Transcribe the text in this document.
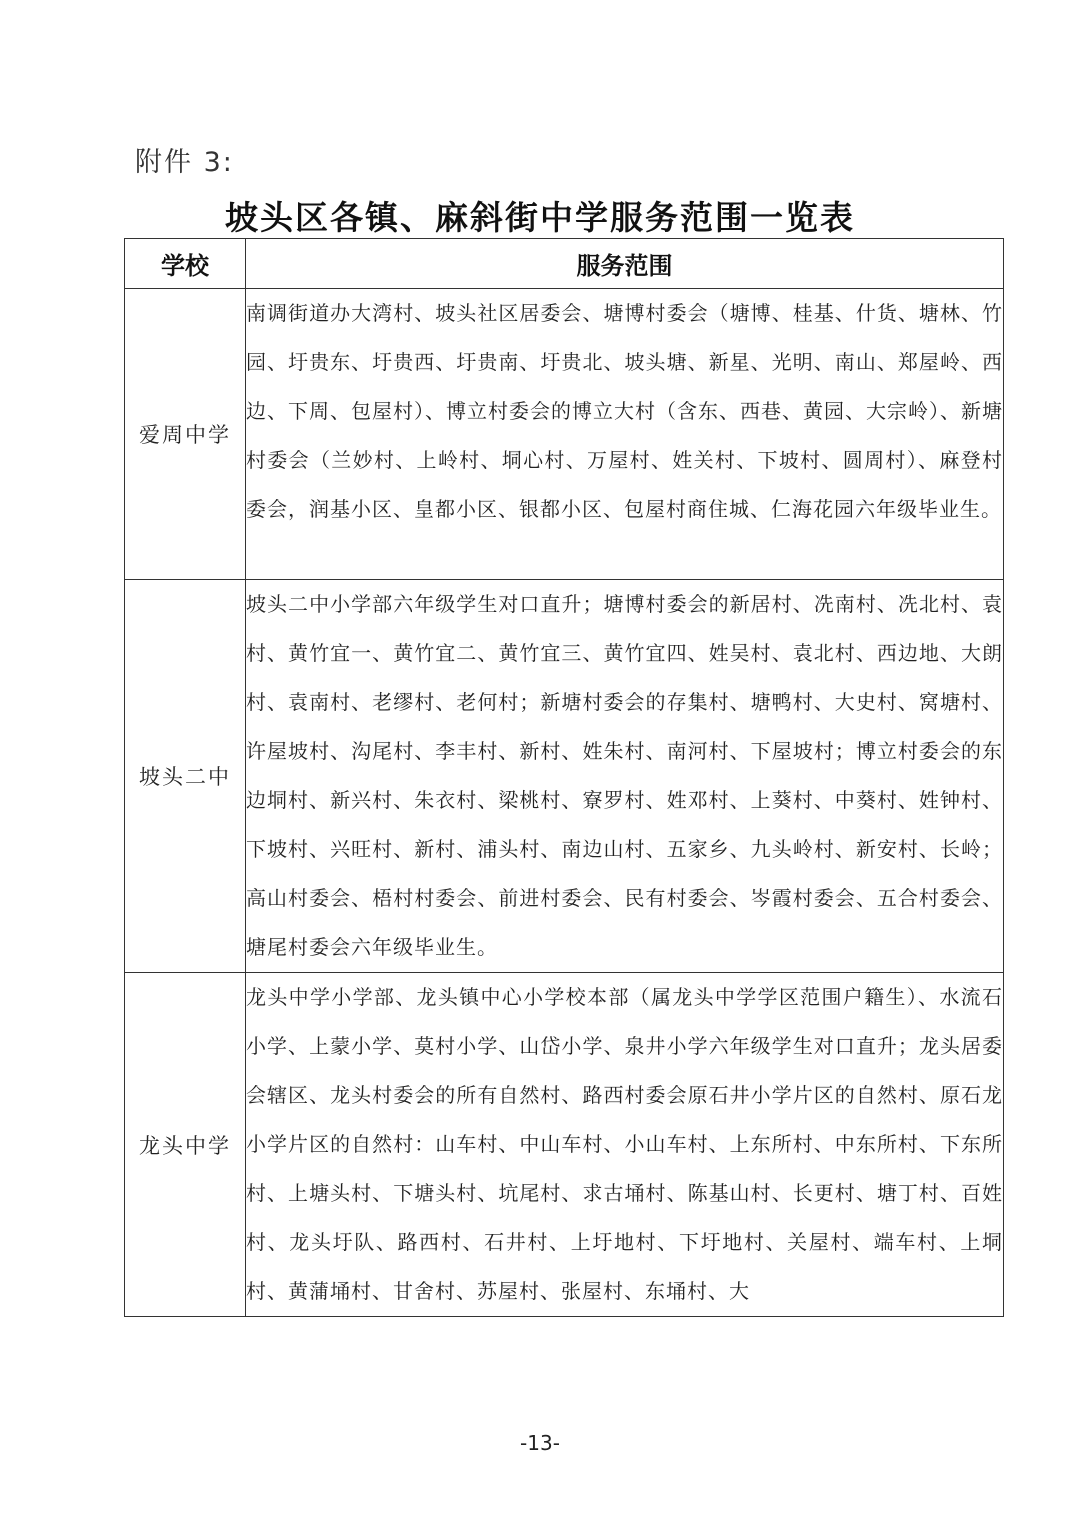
附件 3:
坡头区各镇、麻斜街中学服务范围一览表
学校	服务范围
爱周中学	南调街道办大湾村、坡头社区居委会、塘博村委会（塘博、桂基、什货、塘林、竹园、圩贵东、圩贵西、圩贵南、圩贵北、坡头塘、新星、光明、南山、郑屋岭、西边、下周、包屋村）、博立村委会的博立大村（含东、西巷、黄园、大宗岭）、新塘村委会（兰妙村、上岭村、垌心村、万屋村、姓关村、下坡村、圆周村）、麻登村委会，润基小区、皇都小区、银都小区、包屋村商住城、仁海花园六年级毕业生。
坡头二中	坡头二中小学部六年级学生对口直升；塘博村委会的新居村、冼南村、冼北村、袁村、黄竹宜一、黄竹宜二、黄竹宜三、黄竹宜四、姓吴村、袁北村、西边地、大朗村、袁南村、老缪村、老何村；新塘村委会的存集村、塘鸭村、大史村、窝塘村、许屋坡村、沟尾村、李丰村、新村、姓朱村、南河村、下屋坡村；博立村委会的东边垌村、新兴村、朱衣村、梁桃村、寮罗村、姓邓村、上葵村、中葵村、姓钟村、下坡村、兴旺村、新村、浦头村、南边山村、五家乡、九头岭村、新安村、长岭；高山村委会、梧村村委会、前进村委会、民有村委会、岑霞村委会、五合村委会、塘尾村委会六年级毕业生。
龙头中学	龙头中学小学部、龙头镇中心小学校本部（属龙头中学学区范围户籍生）、水流石小学、上蒙小学、莫村小学、山岱小学、泉井小学六年级学生对口直升；龙头居委会辖区、龙头村委会的所有自然村、路西村委会原石井小学片区的自然村、原石龙小学片区的自然村：山车村、中山车村、小山车村、上东所村、中东所村、下东所村、上塘头村、下塘头村、坑尾村、求古埇村、陈基山村、长更村、塘丁村、百姓村、龙头圩队、路西村、石井村、上圩地村、下圩地村、关屋村、端车村、上垌村、黄蒲埇村、甘舍村、苏屋村、张屋村、东埇村、大
-13-
